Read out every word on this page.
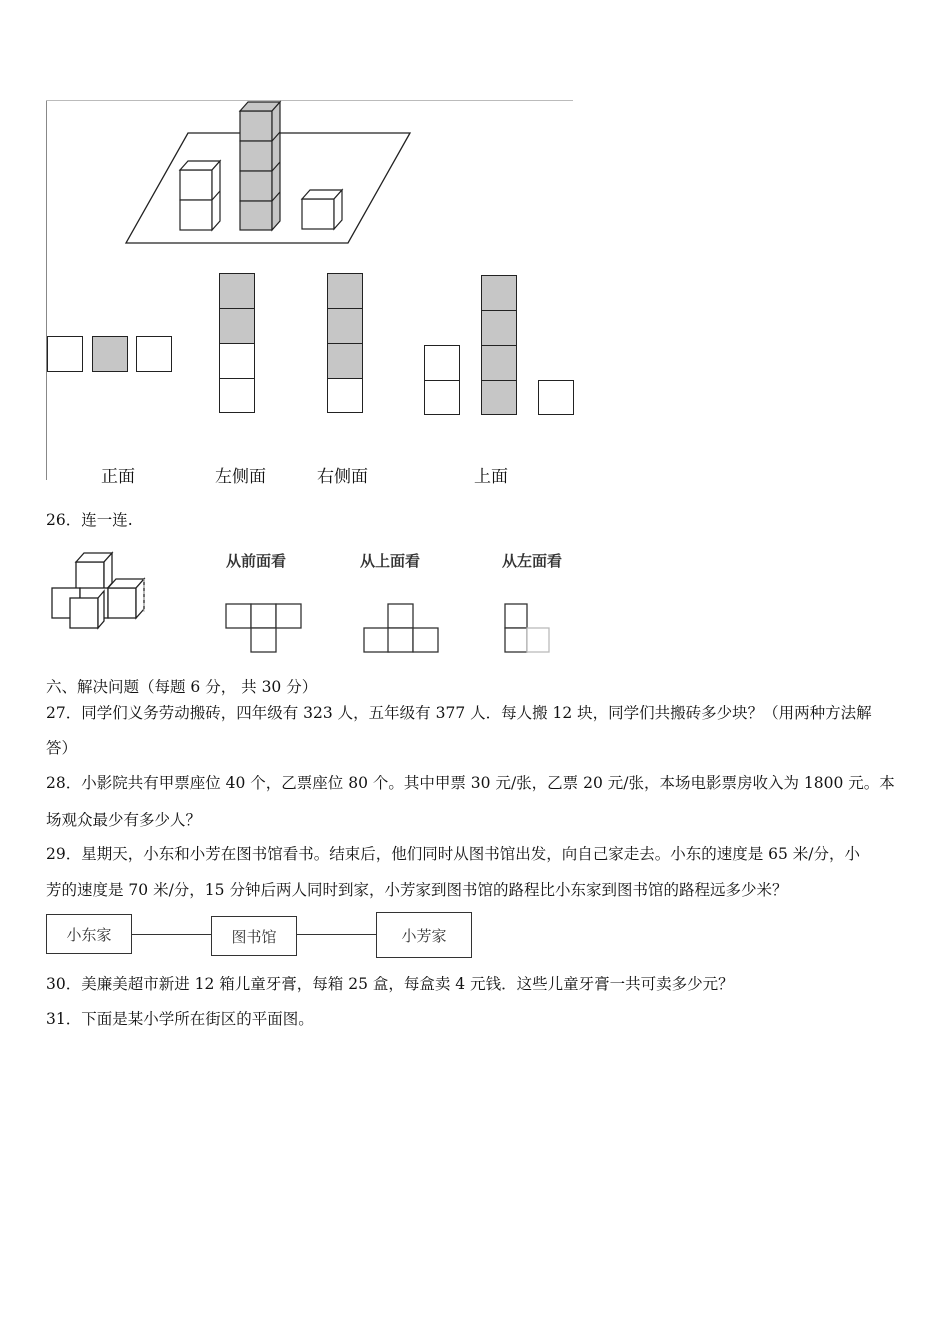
正面	左侧面	右侧面	上面
26．连一连.
从前面看	从上面看	从左面看
六、解决问题（每题 6 分， 共 30 分）
27．同学们义务劳动搬砖，四年级有 323 人，五年级有 377 人．每人搬 12 块，同学们共搬砖多少块？（用两种方法解
答）
28．小影院共有甲票座位 40 个，乙票座位 80 个。其中甲票 30 元/张，乙票 20 元/张，本场电影票房收入为 1800 元。本
场观众最少有多少人？
29．星期天，小东和小芳在图书馆看书。结束后，他们同时从图书馆出发，向自己家走去。小东的速度是 65 米/分，小
芳的速度是 70 米/分，15 分钟后两人同时到家，小芳家到图书馆的路程比小东家到图书馆的路程远多少米？
小东家	图书馆	小芳家
30．美廉美超市新进 12 箱儿童牙膏，每箱 25 盒，每盒卖 4 元钱．这些儿童牙膏一共可卖多少元？
31．下面是某小学所在街区的平面图。
